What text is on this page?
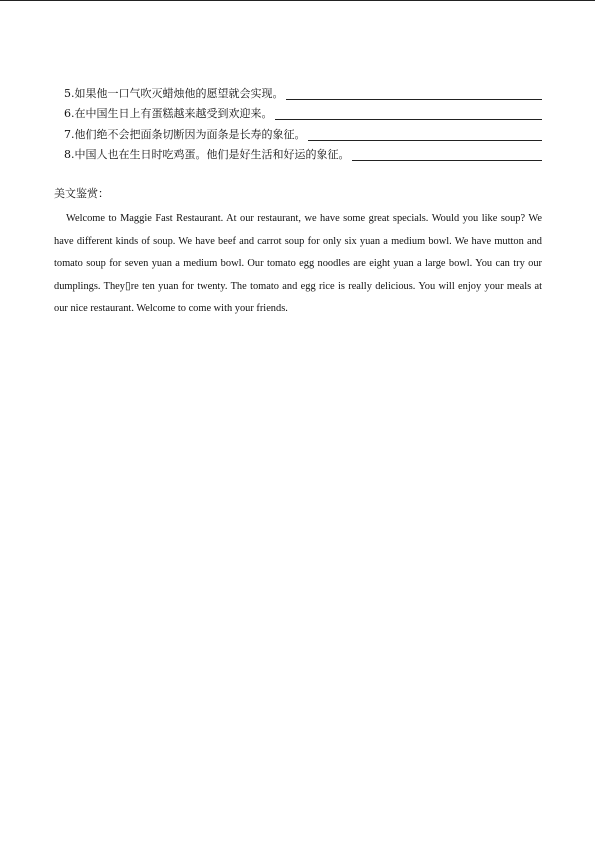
5.如果他一口气吹灭蜡烛他的愿望就会实现。
6.在中国生日上有蛋糕越来越受到欢迎来。
7.他们绝不会把面条切断因为面条是长寿的象征。
8.中国人也在生日时吃鸡蛋。他们是好生活和好运的象征。
美文鉴赏：

Welcome to Maggie Fast Restaurant. At our restaurant, we have some great specials. Would you like soup? We have different kinds of soup. We have beef and carrot soup for only six yuan a medium bowl. We have mutton and tomato soup for seven yuan a medium bowl. Our tomato egg noodles are eight yuan a large bowl. You can try our dumplings. They▯re ten yuan for twenty. The tomato and egg rice is really delicious. You will enjoy your meals at our nice restaurant. Welcome to come with your friends.
